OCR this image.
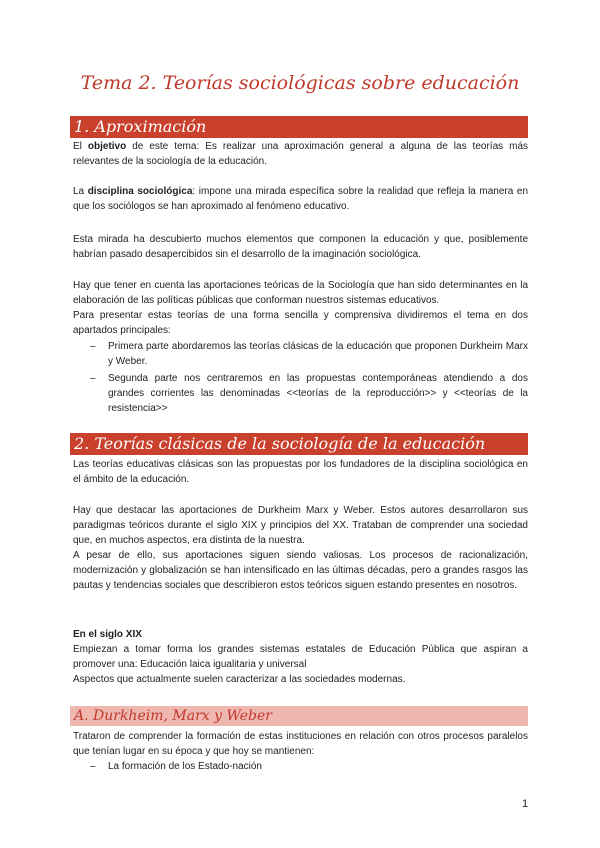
Tema 2. Teorías sociológicas sobre educación
1. Aproximación

El objetivo de este tema: Es realizar una aproximación general a alguna de las teorías más relevantes de la sociología de la educación.

La disciplina sociológica: impone una mirada específica sobre la realidad que refleja la manera en que los sociólogos se han aproximado al fenómeno educativo.

Esta mirada ha descubierto muchos elementos que componen la educación y que, posiblemente habrían pasado desapercibidos sin el desarrollo de la imaginación sociológica.

Hay que tener en cuenta las aportaciones teóricas de la Sociología que han sido determinantes en la elaboración de las políticas públicas que conforman nuestros sistemas educativos.

Para presentar estas teorías de una forma sencilla y comprensiva dividiremos el tema en dos apartados principales:

– Primera parte abordaremos las teorías clásicas de la educación que proponen Durkheim Marx y Weber.
– Segunda parte nos centraremos en las propuestas contemporáneas atendiendo a dos grandes corrientes las denominadas <<teorías de la reproducción>> y <<teorías de la resistencia>>
2. Teorías clásicas de la sociología de la educación

Las teorías educativas clásicas son las propuestas por los fundadores de la disciplina sociológica en el ámbito de la educación.

Hay que destacar las aportaciones de Durkheim Marx y Weber. Estos autores desarrollaron sus paradigmas teóricos durante el siglo XIX y principios del XX. Trataban de comprender una sociedad que, en muchos aspectos, era distinta de la nuestra.

A pesar de ello, sus aportaciones siguen siendo valiosas. Los procesos de racionalización, modernización y globalización se han intensificado en las últimas décadas, pero a grandes rasgos las pautas y tendencias sociales que describieron estos teóricos siguen estando presentes en nosotros.

En el siglo XIX

Empiezan a tomar forma los grandes sistemas estatales de Educación Pública que aspiran a promover una: Educación laica igualitaria y universal

Aspectos que actualmente suelen caracterizar a las sociedades modernas.

A. Durkheim, Marx y Weber

Trataron de comprender la formación de estas instituciones en relación con otros procesos paralelos que tenían lugar en su época y que hoy se mantienen:

– La formación de los Estado-nación
1
